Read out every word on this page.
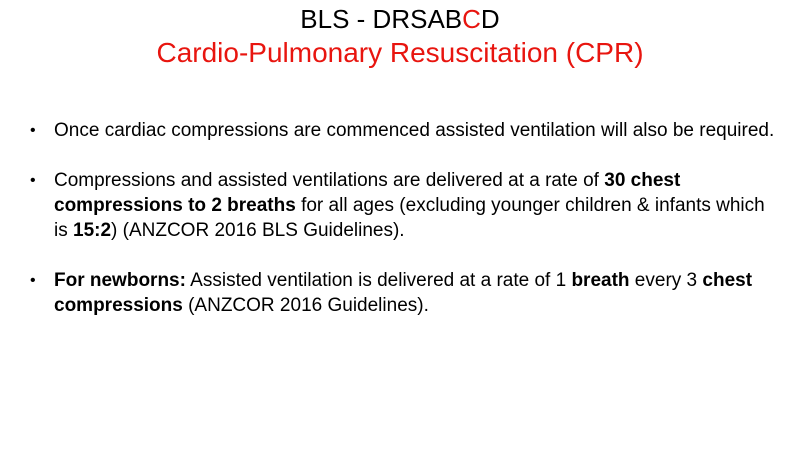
BLS - DRSABCD
Cardio-Pulmonary Resuscitation (CPR)
• Once cardiac compressions are commenced assisted ventilation will also be required.
• Compressions and assisted ventilations are delivered at a rate of 30 chest compressions to 2 breaths for all ages (excluding younger children & infants which is 15:2) (ANZCOR 2016 BLS Guidelines).
• For newborns: Assisted ventilation is delivered at a rate of 1 breath every 3 chest compressions (ANZCOR 2016 Guidelines).
